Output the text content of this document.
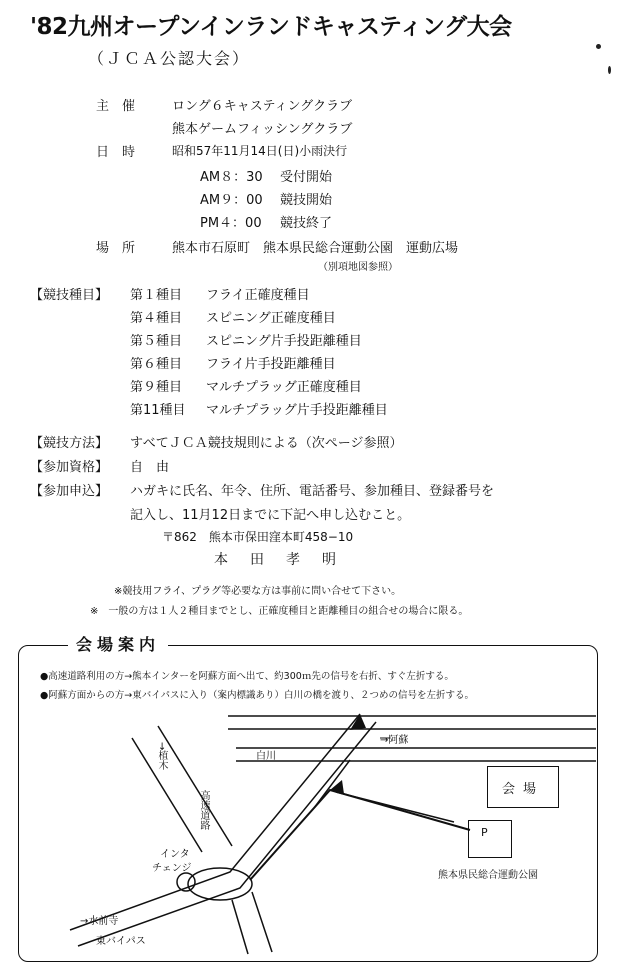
'82九州オープンインランドキャスティング大会
（ＪＣＡ公認大会）
主　催	ロング６キャスティングクラブ
熊本ゲームフィッシングクラブ
日　時	昭和57年11月14日(日)小雨決行
AM８：30 受付開始
AM９：00 競技開始
PM４：00 競技終了
場　所	熊本市石原町　熊本県民総合運動公園　運動広場
（別項地図参照）
【競技種目】 第１種目 フライ正確度種目
第４種目 スピニング正確度種目
第５種目 スピニング片手投距離種目
第６種目 フライ片手投距離種目
第９種目 マルチプラッグ正確度種目
第11種目 マルチプラッグ片手投距離種目
【競技方法】 すべてＪＣＡ競技規則による（次ページ参照）
【参加資格】 自　由
【参加申込】 ハガキに氏名、年令、住所、電話番号、参加種目、登録番号を
記入し、11月12日までに下記へ申し込むこと。
〒862　熊本市保田窪本町458−10
本田孝明
※競技用フライ、プラグ等必要な方は事前に問い合せて下さい。
※　一般の方は１人２種目までとし、正確度種目と距離種目の組合せの場合に限る。
会場案内
●高速道路利用の方→熊本インターを阿蘇方面へ出て、約300ｍ先の信号を右折、すぐ左折する。
●阿蘇方面からの方→東バイパスに入り（案内標識あり）白川の橋を渡り、２つめの信号を左折する。
→阿蘇
白川
→植木
高速道路
インタ
チェンジ
→水前寺
東バイパス
会場
P
熊本県民総合運動公園
